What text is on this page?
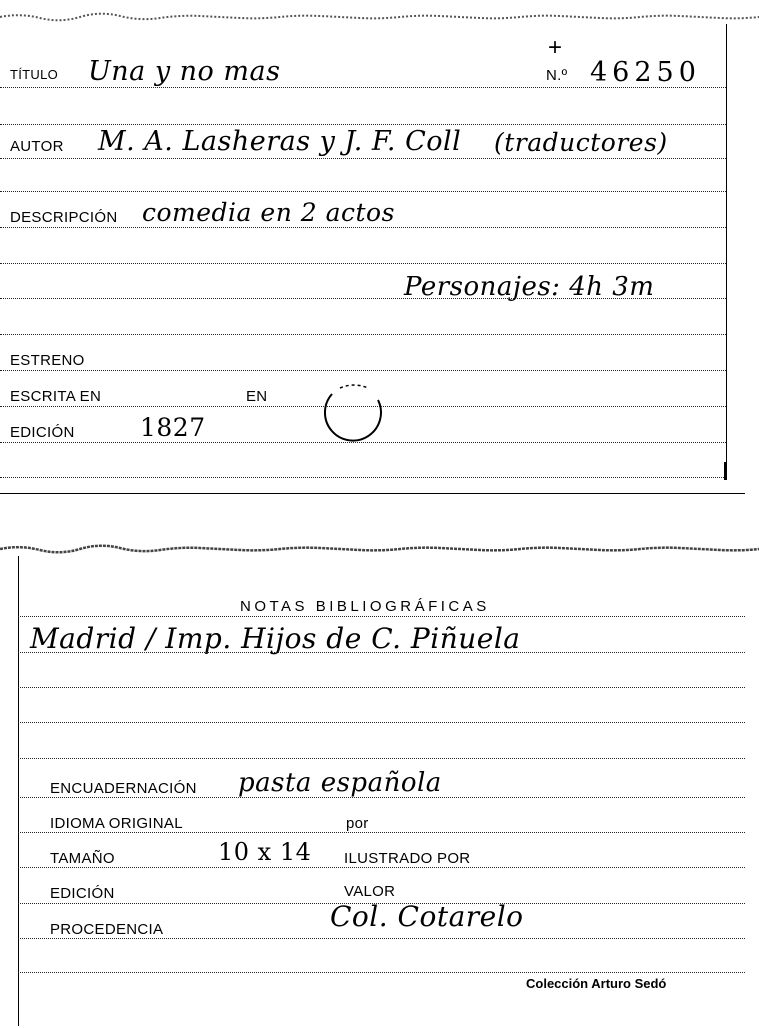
+
TÍTULO Una y no mas	N.º 46250
AUTOR M. A. Lasheras y J. F. Coll (traductores)
DESCRIPCIÓN comedia en 2 actos
Personajes: 4h 3m
ESTRENO
ESCRITA EN	EN
EDICIÓN	1827
NOTAS BIBLIOGRÁFICAS
Madrid / Imp. Hijos de C. Piñuela
ENCUADERNACIÓN pasta española
IDIOMA ORIGINAL	por
TAMAÑO	10 x 14 ILUSTRADO POR
EDICIÓN	VALOR
PROCEDENCIA	Col. Cotarelo
Colección Arturo Sedó
